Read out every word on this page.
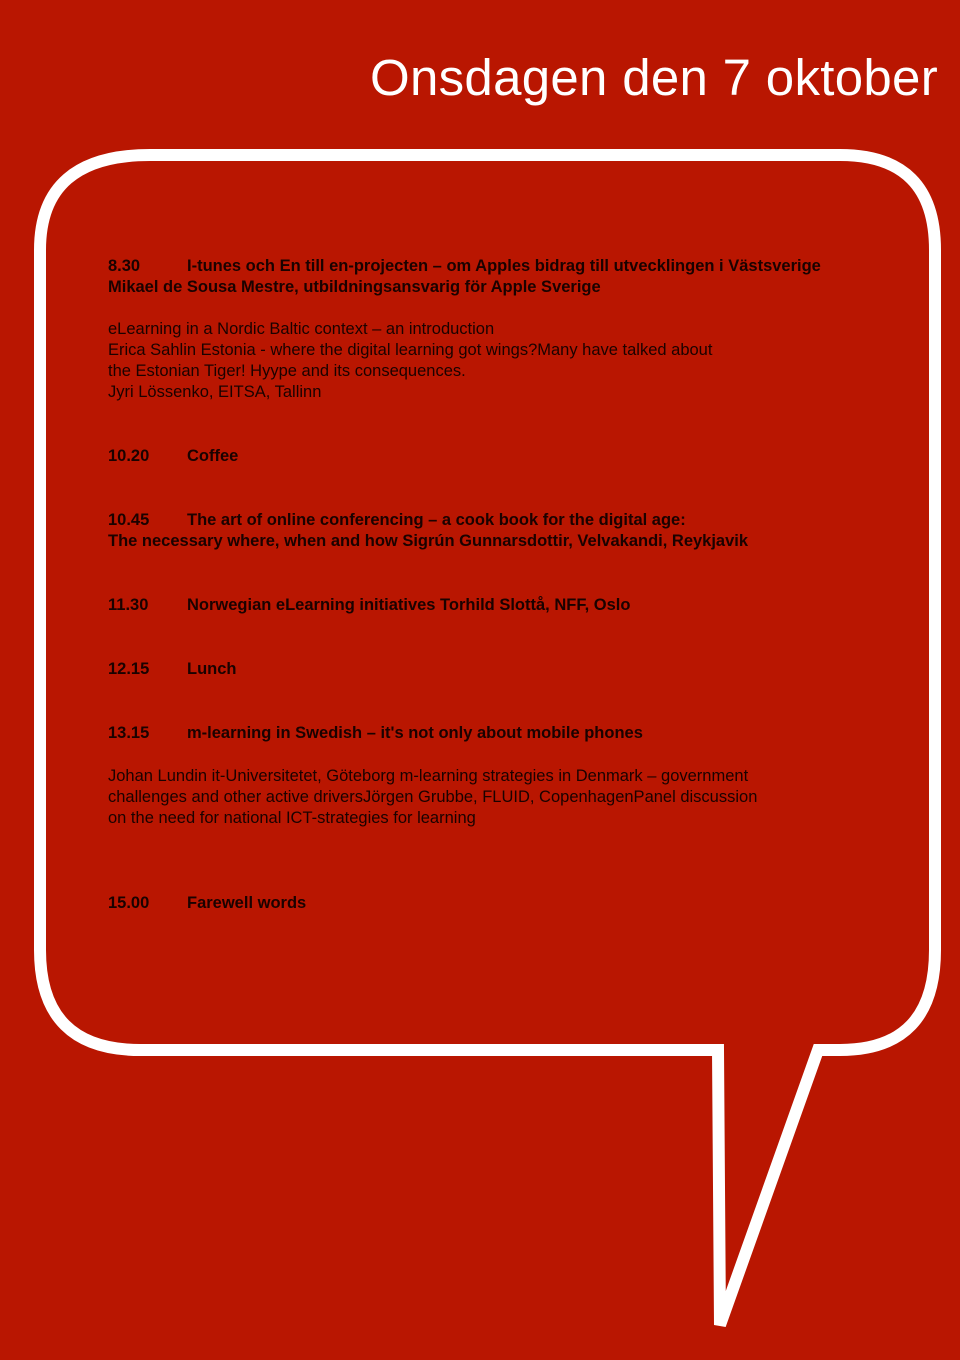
Onsdagen den 7 oktober
8.30	I-tunes och En till en-projecten – om Apples bidrag till utvecklingen i Västsverige
Mikael de Sousa Mestre, utbildningsansvarig för Apple Sverige
eLearning in a Nordic Baltic context – an introduction
Erica Sahlin Estonia - where the digital learning got wings?Many have talked about
the Estonian Tiger! Hyype and its consequences.
Jyri Lössenko, EITSA, Tallinn
10.20 Coffee
10.45 The art of online conferencing – a cook book for the digital age:
The necessary where, when and how Sigrún Gunnarsdottir, Velvakandi, Reykjavik
11.30 Norwegian eLearning initiatives Torhild Slottå, NFF, Oslo
12.15 Lunch
13.15 m-learning in Swedish – it's not only about mobile phones
Johan Lundin it-Universitetet, Göteborg m-learning strategies in Denmark – government
challenges and other active driversJörgen Grubbe, FLUID, CopenhagenPanel discussion
on the need for national ICT-strategies for learning
15.00 Farewell words
